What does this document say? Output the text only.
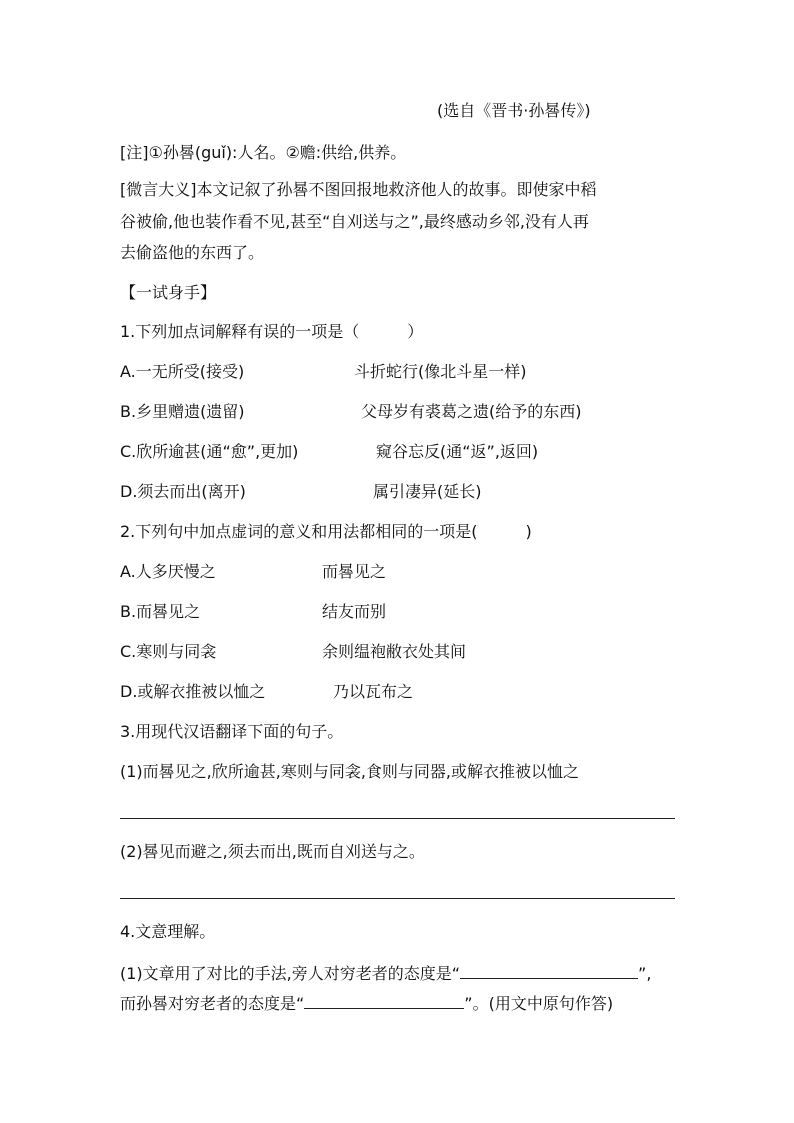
(选自《晋书·孙晷传》)
[注]①孙晷(guǐ):人名。②赡:供给,供养。
[微言大义]本文记叙了孙晷不图回报地救济他人的故事。即使家中稻
谷被偷,他也装作看不见,甚至“自刈送与之”,最终感动乡邻,没有人再
去偷盗他的东西了。
【一试身手】
1.下列加点词解释有误的一项是（　　　）
A.一无所受(接受)	斗折蛇行(像北斗星一样)
B.乡里赠遗(遗留)	父母岁有裘葛之遗(给予的东西)
C.欣所逾甚(通“愈”,更加)	窥谷忘反(通“返”,返回)
D.须去而出(离开)	属引凄异(延长)
2.下列句中加点虚词的意义和用法都相同的一项是(　　　)
A.人多厌慢之	而晷见之
B.而晷见之	结友而别
C.寒则与同衾	余则缊袍敝衣处其间
D.或解衣推被以恤之	乃以瓦布之
3.用现代汉语翻译下面的句子。
(1)而晷见之,欣所逾甚,寒则与同衾,食则与同器,或解衣推被以恤之
(2)晷见而避之,须去而出,既而自刈送与之。
4.文意理解。
(1)文章用了对比的手法,旁人对穷老者的态度是“	”,
而孙晷对穷老者的态度是“	”。(用文中原句作答)
